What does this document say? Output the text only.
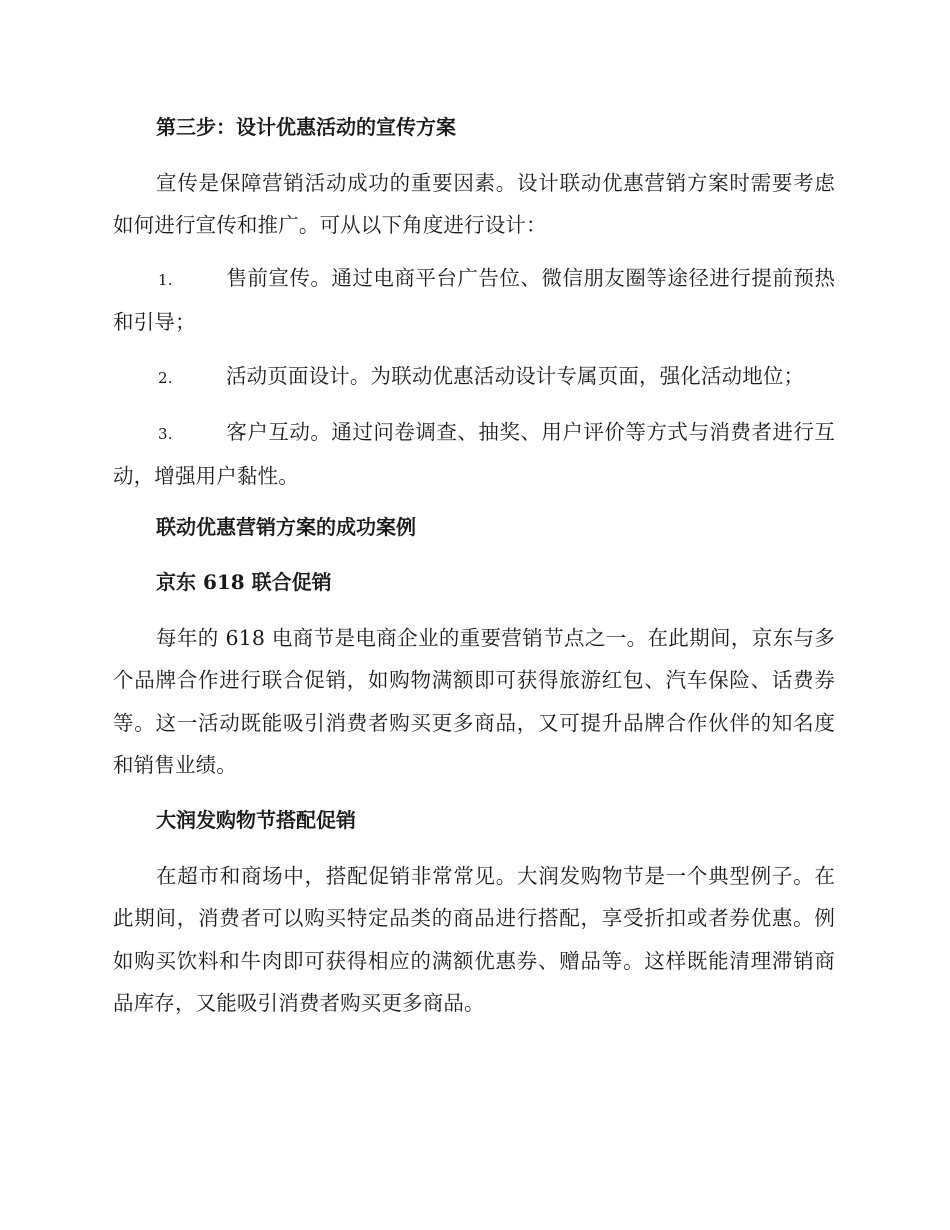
第三步：设计优惠活动的宣传方案
宣传是保障营销活动成功的重要因素。设计联动优惠营销方案时需要考虑如何进行宣传和推广。可从以下角度进行设计：
1.	售前宣传。通过电商平台广告位、微信朋友圈等途径进行提前预热和引导；
2.	活动页面设计。为联动优惠活动设计专属页面，强化活动地位；
3.	客户互动。通过问卷调查、抽奖、用户评价等方式与消费者进行互动，增强用户黏性。
联动优惠营销方案的成功案例
京东 618 联合促销
每年的 618 电商节是电商企业的重要营销节点之一。在此期间，京东与多个品牌合作进行联合促销，如购物满额即可获得旅游红包、汽车保险、话费券等。这一活动既能吸引消费者购买更多商品，又可提升品牌合作伙伴的知名度和销售业绩。
大润发购物节搭配促销
在超市和商场中，搭配促销非常常见。大润发购物节是一个典型例子。在此期间，消费者可以购买特定品类的商品进行搭配，享受折扣或者券优惠。例如购买饮料和牛肉即可获得相应的满额优惠券、赠品等。这样既能清理滞销商品库存，又能吸引消费者购买更多商品。
